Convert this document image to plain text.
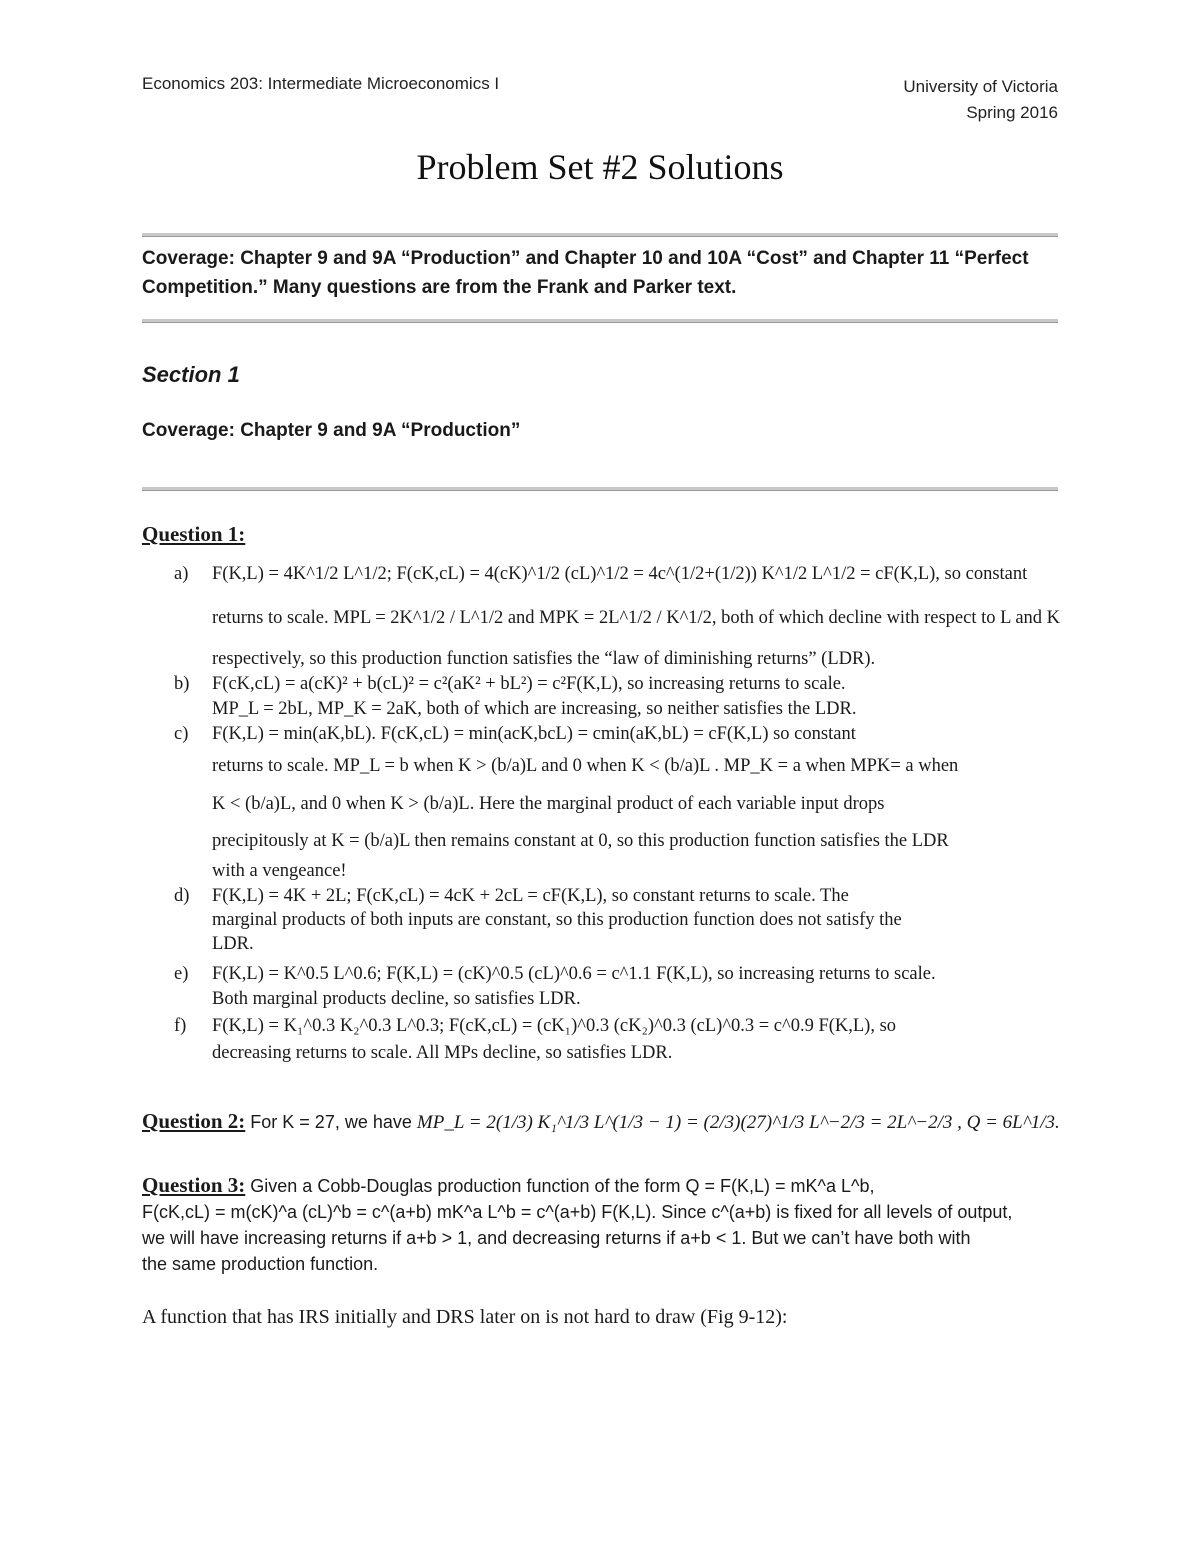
Economics 203: Intermediate Microeconomics I	University of Victoria
Spring 2016
Problem Set #2 Solutions
Coverage: Chapter 9 and 9A “Production” and Chapter 10 and 10A “Cost” and Chapter 11 “Perfect Competition.” Many questions are from the Frank and Parker text.
Section 1
Coverage: Chapter 9 and 9A “Production”
Question 1:
a) F(K,L) = 4K^1/2 L^1/2; F(cK,cL) = 4(cK)^1/2 (cL)^1/2 = 4c^(1/2+(1/2)) K^1/2 L^1/2 = cF(K,L), so constant
returns to scale. MPL = 2K^1/2 / L^1/2 and MPK = 2L^1/2 / K^1/2, both of which decline with respect to L and K
respectively, so this production function satisfies the “law of diminishing returns” (LDR).
b) F(cK,cL) = a(cK)² + b(cL)² = c²(aK² + bL²) = c²F(K,L), so increasing returns to scale.
MP_L = 2bL, MP_K = 2aK, both of which are increasing, so neither satisfies the LDR.
c) F(K,L) = min(aK,bL). F(cK,cL) = min(acK,bcL) = cmin(aK,bL) = cF(K,L) so constant
returns to scale. MP_L = b when K > (b/a)L and 0 when K < (b/a)L . MP_K = a when MPK= a when
K < (b/a)L, and 0 when K > (b/a)L. Here the marginal product of each variable input drops
precipitously at K = (b/a)L then remains constant at 0, so this production function satisfies the LDR
with a vengeance!
d) F(K,L) = 4K + 2L; F(cK,cL) = 4cK + 2cL = cF(K,L), so constant returns to scale. The
marginal products of both inputs are constant, so this production function does not satisfy the
LDR.
e) F(K,L) = K^0.5 L^0.6; F(K,L) = (cK)^0.5 (cL)^0.6 = c^1.1 F(K,L), so increasing returns to scale.
Both marginal products decline, so satisfies LDR.
f) F(K,L) = K₁^0.3 K₂^0.3 L^0.3; F(cK,cL) = (cK₁)^0.3 (cK₂)^0.3 (cL)^0.3 = c^0.9 F(K,L), so
decreasing returns to scale. All MPs decline, so satisfies LDR.
Question 2: For K = 27, we have MP_L = 2(1/3) K₁^1/3 L^(1/3 − 1) = (2/3)(27)^1/3 L^−2/3 = 2L^−2/3 , Q = 6L^1/3.
Question 3: Given a Cobb-Douglas production function of the form Q = F(K,L) = mK^a L^b,
F(cK,cL) = m(cK)^a (cL)^b = c^(a+b) mK^a L^b = c^(a+b) F(K,L). Since c^(a+b) is fixed for all levels of output,
we will have increasing returns if a+b > 1, and decreasing returns if a+b < 1. But we can’t have both with
the same production function.
A function that has IRS initially and DRS later on is not hard to draw (Fig 9-12):
